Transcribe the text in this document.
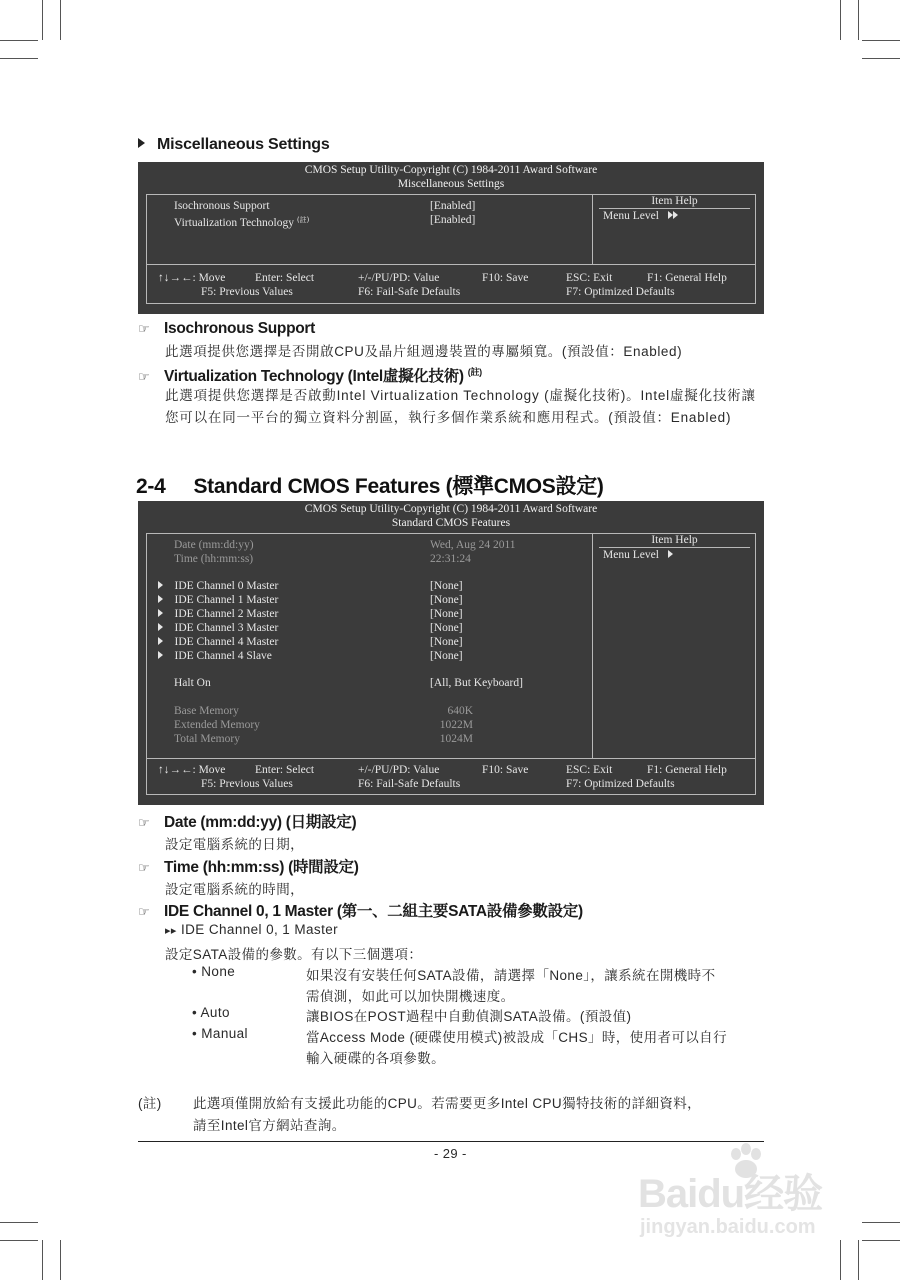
Miscellaneous Settings
CMOS Setup Utility-Copyright (C) 1984-2011 Award Software
Miscellaneous Settings
Item Help
Menu Level
Isochronous Support	[Enabled]
Virtualization Technology $^{(註)}$	[Enabled]
↑↓→←: Move	Enter: Select	+/-/PU/PD: Value	F10: Save	ESC: Exit	F1: General Help
F5: Previous Values	F6: Fail-Safe Defaults	F7: Optimized Defaults
☞ Isochronous Support
此選項提供您選擇是否開啟CPU及晶片組週邊裝置的專屬頻寬。(預設值：Enabled)
☞ Virtualization Technology (Intel虛擬化技術) $^{(註)}$
此選項提供您選擇是否啟動Intel Virtualization Technology (虛擬化技術)。Intel虛擬化技術讓您可以在同一平台的獨立資料分割區，執行多個作業系統和應用程式。(預設值：Enabled)
2-4 Standard CMOS Features (標準CMOS設定)
CMOS Setup Utility-Copyright (C) 1984-2011 Award Software
Standard CMOS Features
Item Help
Menu Level
Date (mm:dd:yy)	Wed, Aug 24 2011
Time (hh:mm:ss)	22:31:24
IDE Channel 0 Master	[None]
IDE Channel 1 Master	[None]
IDE Channel 2 Master	[None]
IDE Channel 3 Master	[None]
IDE Channel 4 Master	[None]
IDE Channel 4 Slave	[None]
Halt On	[All, But Keyboard]
Base Memory	640K
Extended Memory	1022M
Total Memory	1024M
↑↓→←: Move	Enter: Select	+/-/PU/PD: Value	F10: Save	ESC: Exit	F1: General Help
F5: Previous Values	F6: Fail-Safe Defaults	F7: Optimized Defaults
☞ Date (mm:dd:yy) (日期設定)
設定電腦系統的日期，
☞ Time (hh:mm:ss) (時間設定)
設定電腦系統的時間，
☞ IDE Channel 0, 1 Master (第一、二組主要SATA設備參數設定)
▸▸ IDE Channel 0, 1 Master
設定SATA設備的參數。有以下三個選項：
• None	如果沒有安裝任何SATA設備，請選擇「None」，讓系統在開機時不
需偵測，如此可以加快開機速度。
• Auto	讓BIOS在POST過程中自動偵測SATA設備。(預設值)
• Manual	當Access Mode (硬碟使用模式)被設成「CHS」時，使用者可以自行
輸入硬碟的各項參數。
(註) 此選項僅開放給有支援此功能的CPU。若需要更多Intel CPU獨特技術的詳細資料，
請至Intel官方網站查詢。
- 29 -
Baidu经验
jingyan.baidu.com
